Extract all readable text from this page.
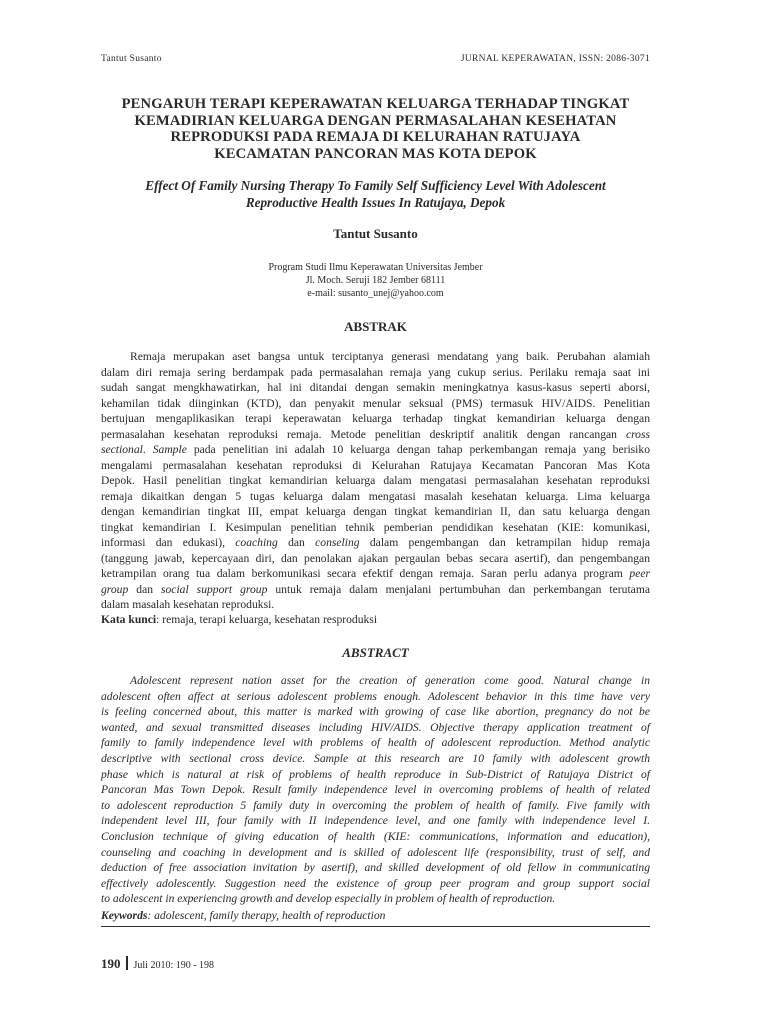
Tantut Susanto	JURNAL KEPERAWATAN, ISSN: 2086-3071
PENGARUH TERAPI KEPERAWATAN KELUARGA TERHADAP TINGKAT
KEMADIRIAN KELUARGA DENGAN PERMASALAHAN KESEHATAN
REPRODUKSI PADA REMAJA DI KELURAHAN RATUJAYA
KECAMATAN PANCORAN MAS KOTA DEPOK
Effect Of Family Nursing Therapy To Family Self Sufficiency Level With Adolescent
Reproductive Health Issues In Ratujaya, Depok
Tantut Susanto
Program Studi Ilmu Keperawatan Universitas Jember
Jl. Moch. Seruji 182 Jember 68111
e-mail: susanto_unej@yahoo.com
ABSTRAK
Remaja merupakan aset bangsa untuk terciptanya generasi mendatang yang baik. Perubahan alamiah
dalam diri remaja sering berdampak pada permasalahan remaja yang cukup serius. Perilaku remaja saat ini
sudah sangat mengkhawatirkan, hal ini ditandai dengan semakin meningkatnya kasus-kasus seperti aborsi,
kehamilan tidak diinginkan (KTD), dan penyakit menular seksual (PMS) termasuk HIV/AIDS. Penelitian
bertujuan mengaplikasikan terapi keperawatan keluarga terhadap tingkat kemandirian keluarga dengan
permasalahan kesehatan reproduksi remaja. Metode penelitian deskriptif analitik dengan rancangan cross
sectional. Sample pada penelitian ini adalah 10 keluarga dengan tahap perkembangan remaja yang berisiko
mengalami permasalahan kesehatan reproduksi di Kelurahan Ratujaya Kecamatan Pancoran Mas Kota
Depok. Hasil penelitian tingkat kemandirian keluarga dalam mengatasi permasalahan kesehatan reproduksi
remaja dikaitkan dengan 5 tugas keluarga dalam mengatasi masalah kesehatan keluarga. Lima keluarga
dengan kemandirian tingkat III, empat keluarga dengan tingkat kemandirian II, dan satu keluarga dengan
tingkat kemandirian I. Kesimpulan penelitian tehnik pemberian pendidikan kesehatan (KIE: komunikasi,
informasi dan edukasi), coaching dan conseling dalam pengembangan dan ketrampilan hidup remaja
(tanggung jawab, kepercayaan diri, dan penolakan ajakan pergaulan bebas secara asertif), dan pengembangan
ketrampilan orang tua dalam berkomunikasi secara efektif dengan remaja. Saran perlu adanya program peer
group dan social support group untuk remaja dalam menjalani pertumbuhan dan perkembangan terutama
dalam masalah kesehatan reproduksi.
Kata kunci: remaja, terapi keluarga, kesehatan resproduksi
ABSTRACT
Adolescent represent nation asset for the creation of generation come good. Natural change in
adolescent often affect at serious adolescent problems enough. Adolescent behavior in this time have very
is feeling concerned about, this matter is marked with growing of case like abortion, pregnancy do not be
wanted, and sexual transmitted diseases including HIV/AIDS. Objective therapy application treatment of
family to family independence level with problems of health of adolescent reproduction. Method analytic
descriptive with sectional cross device. Sample at this research are 10 family with adolescent growth
phase which is natural at risk of problems of health reproduce in Sub-District of Ratujaya District of
Pancoran Mas Town Depok. Result family independence level in overcoming problems of health of related
to adolescent reproduction 5 family duty in overcoming the problem of health of family. Five family with
independent level III, four family with II independence level, and one family with independence level I.
Conclusion technique of giving education of health (KIE: communications, information and education),
counseling and coaching in development and is skilled of adolescent life (responsibility, trust of self, and
deduction of free association invitation by asertif), and skilled development of old fellow in communicating
effectively adolescently. Suggestion need the existence of group peer program and group support social
to adolescent in experiencing growth and develop especially in problem of health of reproduction.
Keywords: adolescent, family therapy, health of reproduction
190 Juli 2010: 190 - 198
